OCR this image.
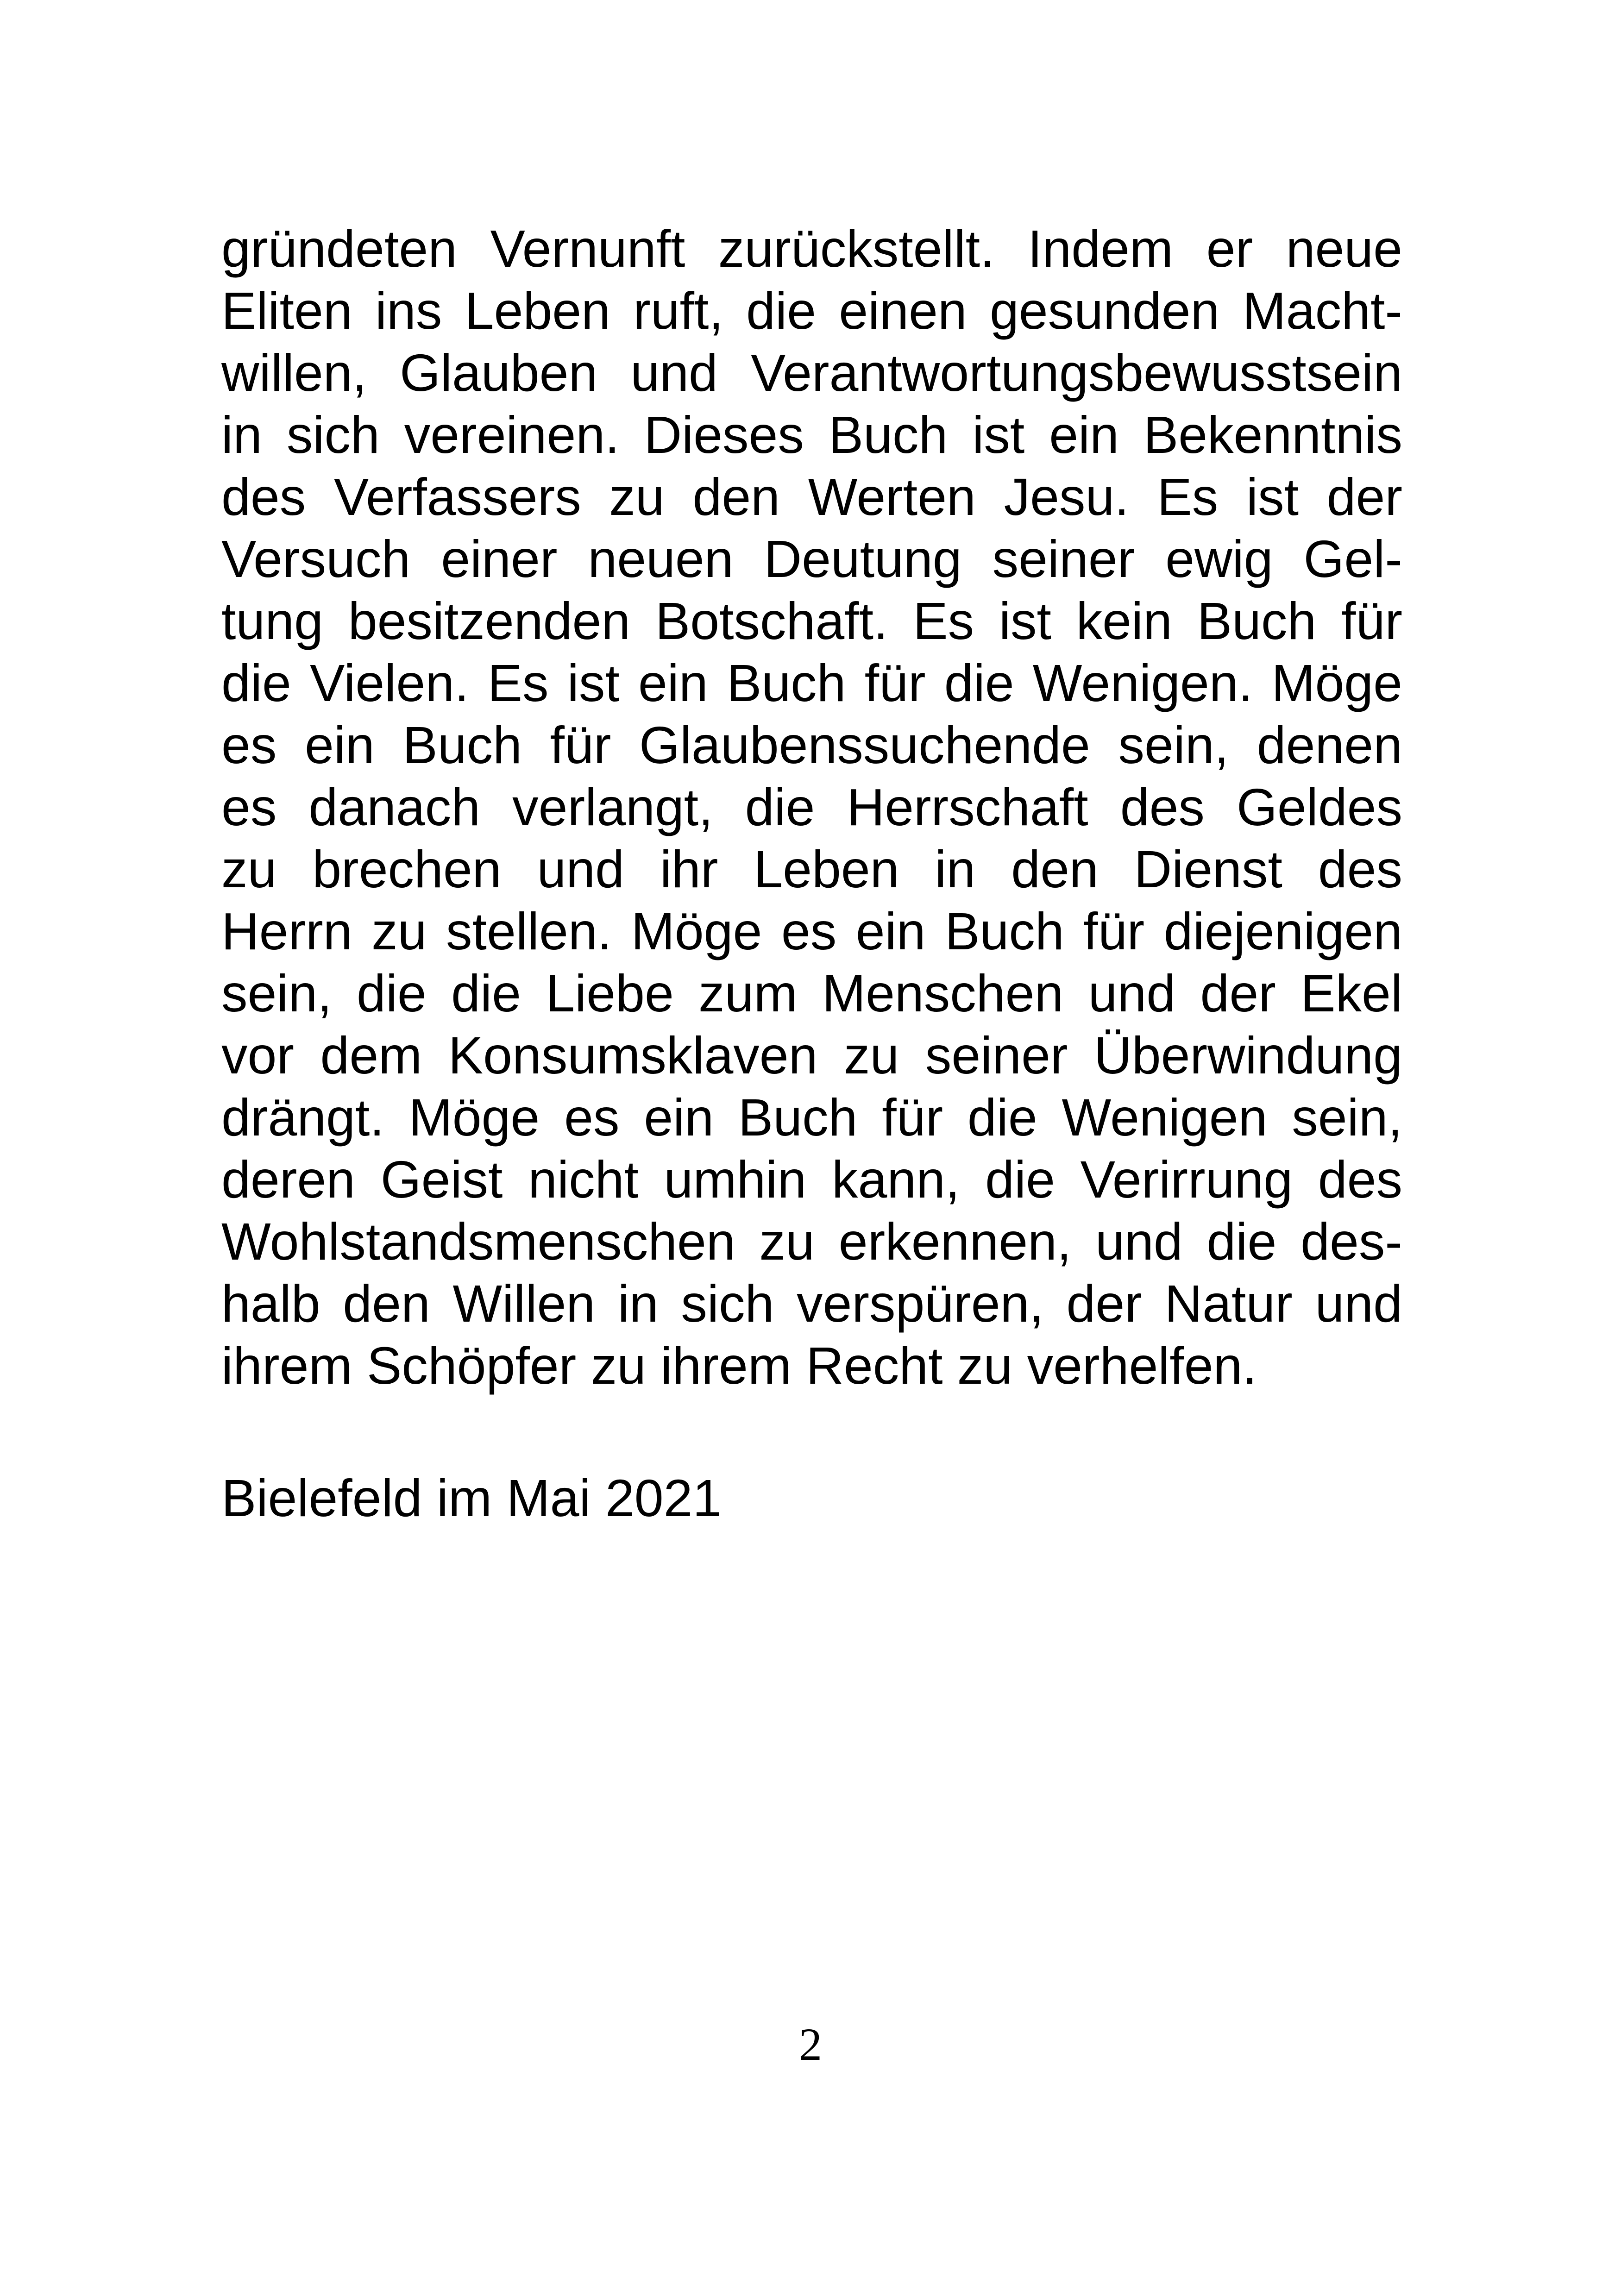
gründeten Vernunft zurückstellt. Indem er neue
Eliten ins Leben ruft, die einen gesunden Macht-
willen, Glauben und Verantwortungsbewusstsein
in sich vereinen. Dieses Buch ist ein Bekenntnis
des Verfassers zu den Werten Jesu. Es ist der
Versuch einer neuen Deutung seiner ewig Gel-
tung besitzenden Botschaft. Es ist kein Buch für
die Vielen. Es ist ein Buch für die Wenigen. Möge
es ein Buch für Glaubenssuchende sein, denen
es danach verlangt, die Herrschaft des Geldes
zu brechen und ihr Leben in den Dienst des
Herrn zu stellen. Möge es ein Buch für diejenigen
sein, die die Liebe zum Menschen und der Ekel
vor dem Konsumsklaven zu seiner Überwindung
drängt. Möge es ein Buch für die Wenigen sein,
deren Geist nicht umhin kann, die Verirrung des
Wohlstandsmenschen zu erkennen, und die des-
halb den Willen in sich verspüren, der Natur und
ihrem Schöpfer zu ihrem Recht zu verhelfen.
Bielefeld im Mai 2021
2
